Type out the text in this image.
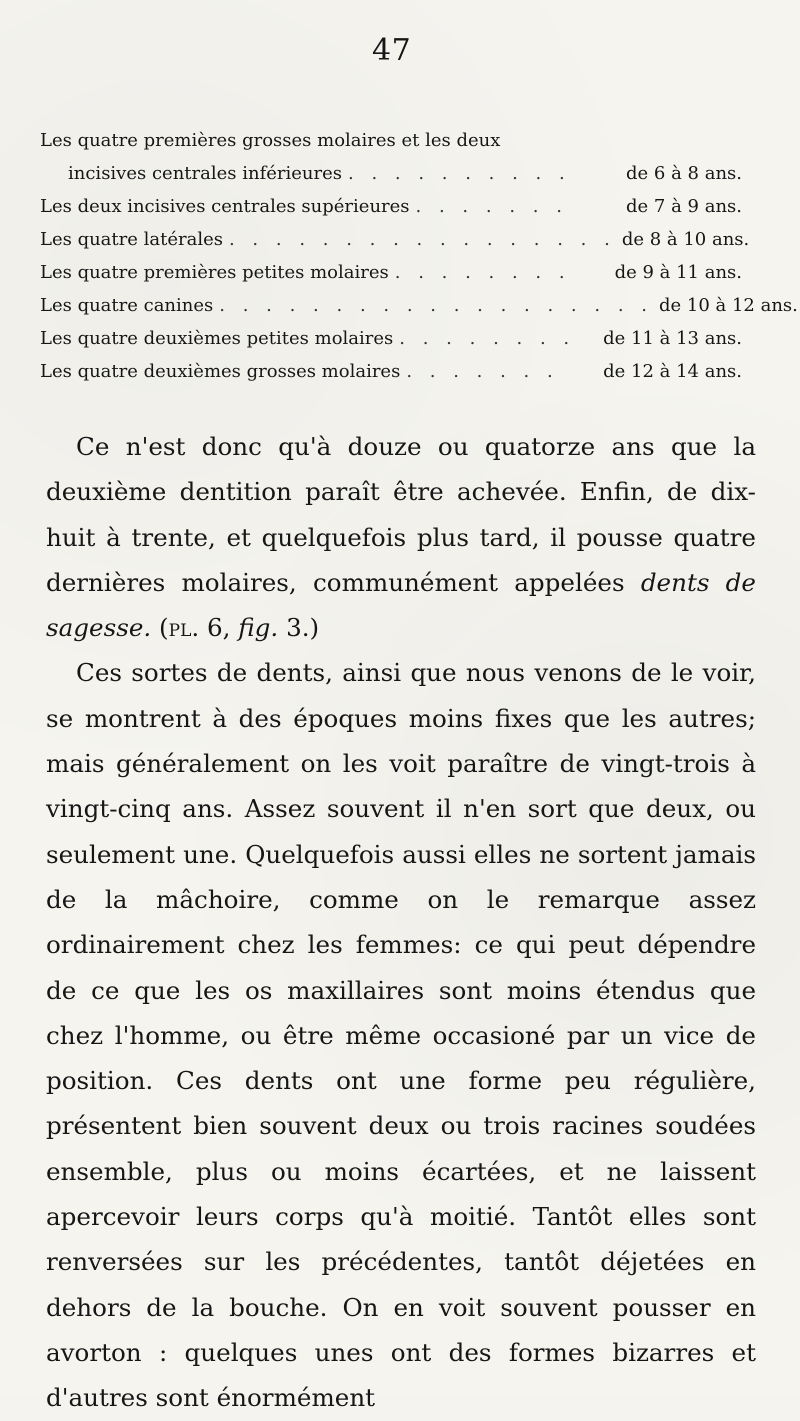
47
Les quatre premières grosses molaires et les deux
incisives centrales inférieures . . . . . . . . . .	de 6 à 8 ans.
Les deux incisives centrales supérieures . . . . . . .	de 7 à 9 ans.
Les quatre latérales . . . . . . . . . . . . . . . . . de 8 à 10 ans.
Les quatre premières petites molaires . . . . . . . .	de 9 à 11 ans.
Les quatre canines . . . . . . . . . . . . . . . . . . . de 10 à 12 ans.
Les quatre deuxièmes petites molaires . . . . . . . .	de 11 à 13 ans.
Les quatre deuxièmes grosses molaires . . . . . . .	de 12 à 14 ans.

Ce n'est donc qu'à douze ou quatorze ans que la deuxième dentition paraît être achevée. Enfin, de dix-huit à trente, et quelquefois plus tard, il pousse quatre dernières molaires, communément appelées dents de sagesse. (pl. 6, fig. 3.)

Ces sortes de dents, ainsi que nous venons de le voir, se montrent à des époques moins fixes que les autres; mais généralement on les voit paraître de vingt-trois à vingt-cinq ans. Assez souvent il n'en sort que deux, ou seulement une. Quelquefois aussi elles ne sortent jamais de la mâchoire, comme on le remarque assez ordinairement chez les femmes: ce qui peut dépendre de ce que les os maxillaires sont moins étendus que chez l'homme, ou être même occasioné par un vice de position. Ces dents ont une forme peu régulière, présentent bien souvent deux ou trois racines soudées ensemble, plus ou moins écartées, et ne laissent apercevoir leurs corps qu'à moitié. Tantôt elles sont renversées sur les précédentes, tantôt déjetées en dehors de la bouche. On en voit souvent pousser en avorton : quelques unes ont des formes bizarres et d'autres sont énormément
